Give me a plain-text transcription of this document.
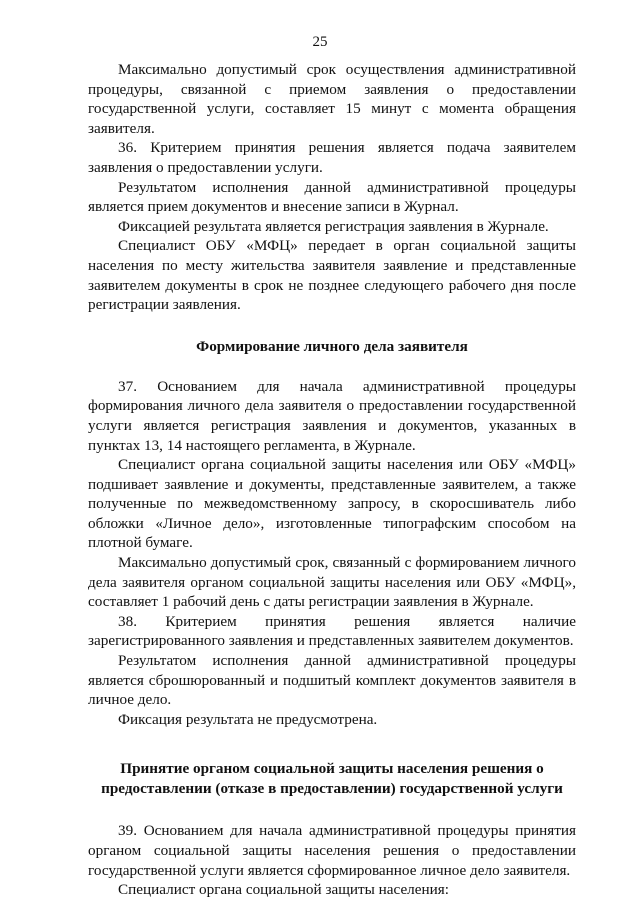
25

Максимально допустимый срок осуществления административной процедуры, связанной с приемом заявления о предоставлении государственной услуги, составляет 15 минут с момента обращения заявителя.

36. Критерием принятия решения является подача заявителем заявления о предоставлении услуги.

Результатом исполнения данной административной процедуры является прием документов и внесение записи в Журнал.

Фиксацией результата является регистрация заявления в Журнале.

Специалист ОБУ «МФЦ» передает в орган социальной защиты населения по месту жительства заявителя заявление и представленные заявителем документы в срок не позднее следующего рабочего дня после регистрации заявления.

Формирование личного дела заявителя

37. Основанием для начала административной процедуры формирования личного дела заявителя о предоставлении государственной услуги является регистрация заявления и документов, указанных в пунктах 13, 14 настоящего регламента, в Журнале.

Специалист органа социальной защиты населения или ОБУ «МФЦ» подшивает заявление и документы, представленные заявителем, а также полученные по межведомственному запросу, в скоросшиватель либо обложки «Личное дело», изготовленные типографским способом на плотной бумаге.

Максимально допустимый срок, связанный с формированием личного дела заявителя органом социальной защиты населения или ОБУ «МФЦ», составляет 1 рабочий день с даты регистрации заявления в Журнале.

38. Критерием принятия решения является наличие зарегистрированного заявления и представленных заявителем документов.

Результатом исполнения данной административной процедуры является сброшюрованный и подшитый комплект документов заявителя в личное дело.

Фиксация результата не предусмотрена.

Принятие органом социальной защиты населения решения о
предоставлении (отказе в предоставлении) государственной услуги

39. Основанием для начала административной процедуры принятия органом социальной защиты населения решения о предоставлении государственной услуги является сформированное личное дело заявителя.

Специалист органа социальной защиты населения:
